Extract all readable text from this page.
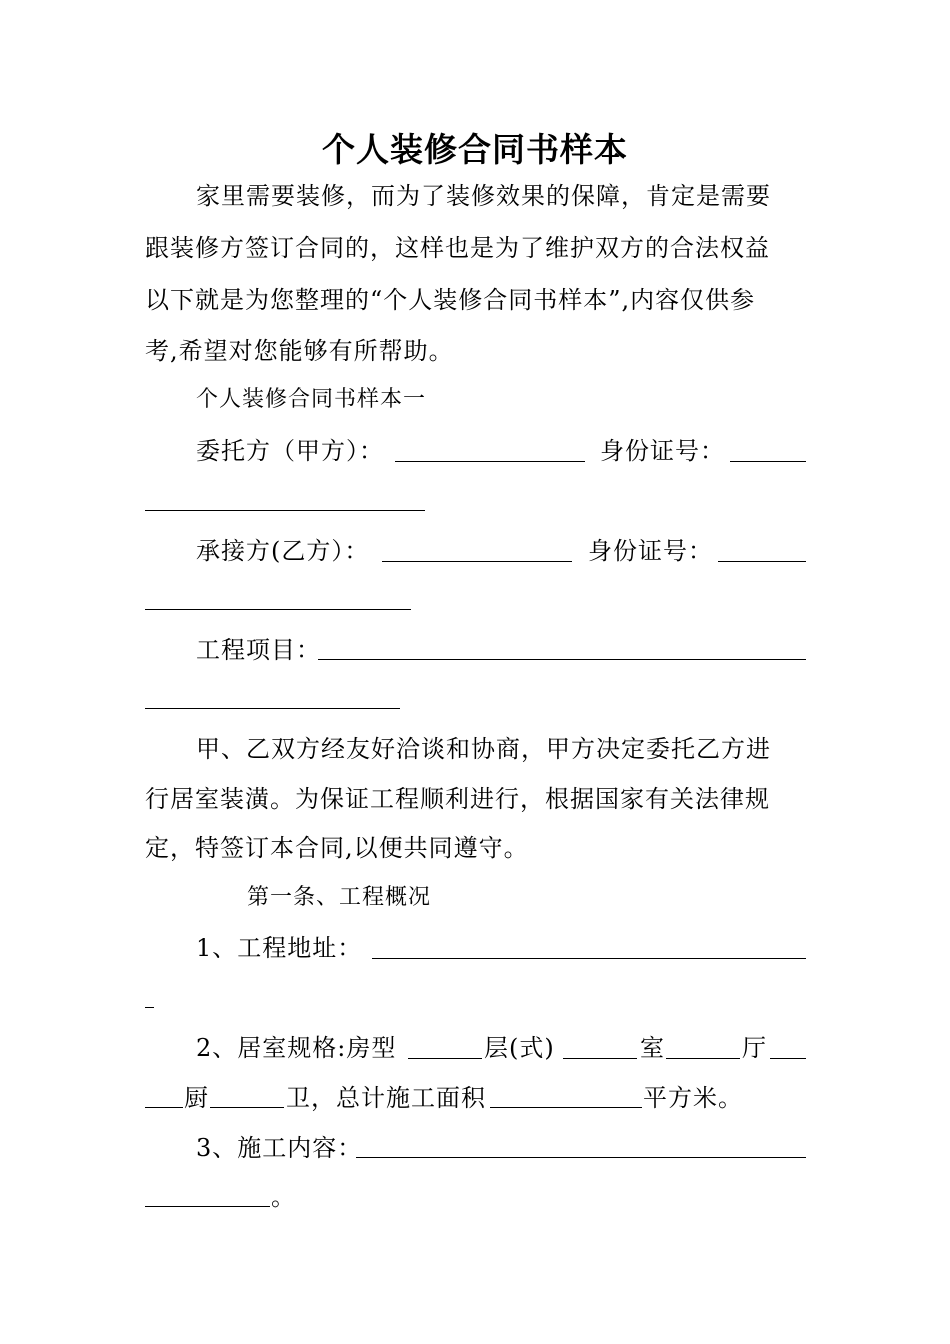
个人装修合同书样本
家里需要装修，而为了装修效果的保障，肯定是需要
跟装修方签订合同的，这样也是为了维护双方的合法权益
以下就是为您整理的“个人装修合同书样本”,内容仅供参
考,希望对您能够有所帮助。
个人装修合同书样本一
委托方（甲方）：	身份证号：
承接方(乙方）：	身份证号：
工程项目：
甲、乙双方经友好洽谈和协商，甲方决定委托乙方进
行居室装潢。为保证工程顺利进行，根据国家有关法律规
定，特签订本合同,以便共同遵守。
第一条、工程概况
1、工程地址：
2、居室规格:房型	层(式)	室	厅
厨	卫，总计施工面积	平方米。
3、施工内容：
。
